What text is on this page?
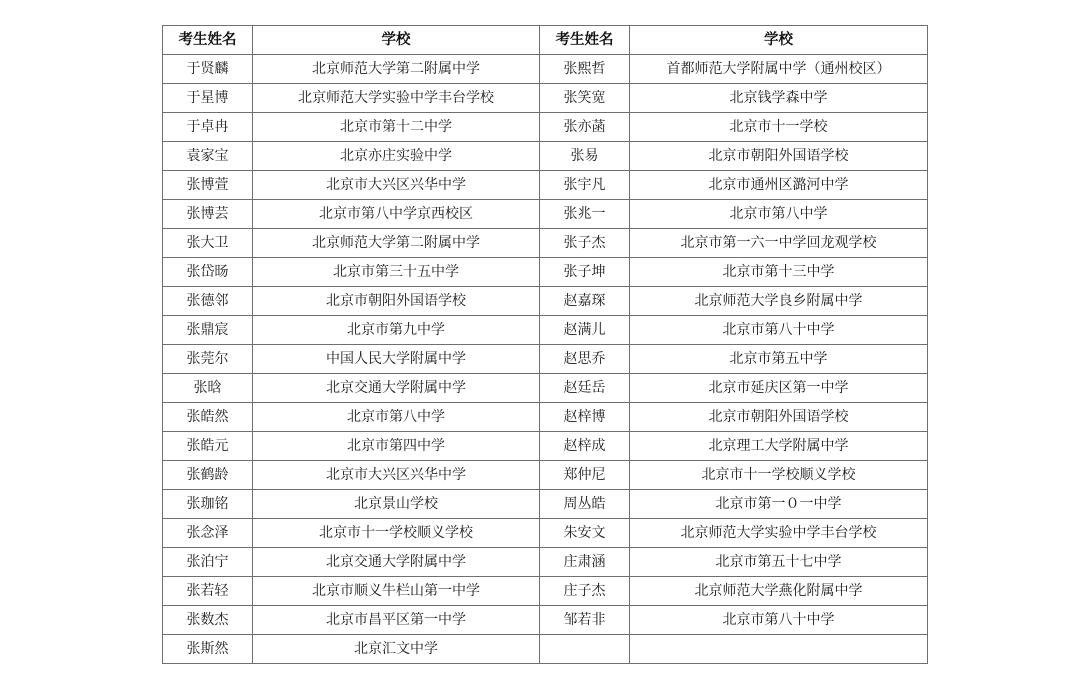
考生姓名	学校	考生姓名	学校
于贤麟	北京师范大学第二附属中学	张熙哲	首都师范大学附属中学（通州校区）
于星博	北京师范大学实验中学丰台学校	张笑宽	北京钱学森中学
于卓冉	北京市第十二中学	张亦菡	北京市十一学校
袁家宝	北京亦庄实验中学	张易	北京市朝阳外国语学校
张博萱	北京市大兴区兴华中学	张宇凡	北京市通州区潞河中学
张博芸	北京市第八中学京西校区	张兆一	北京市第八中学
张大卫	北京师范大学第二附属中学	张子杰	北京市第一六一中学回龙观学校
张岱旸	北京市第三十五中学	张子坤	北京市第十三中学
张德邻	北京市朝阳外国语学校	赵嘉琛	北京师范大学良乡附属中学
张鼎宸	北京市第九中学	赵满儿	北京市第八十中学
张莞尔	中国人民大学附属中学	赵思乔	北京市第五中学
张晗	北京交通大学附属中学	赵廷岳	北京市延庆区第一中学
张皓然	北京市第八中学	赵梓博	北京市朝阳外国语学校
张皓元	北京市第四中学	赵梓成	北京理工大学附属中学
张鹤龄	北京市大兴区兴华中学	郑仲尼	北京市十一学校顺义学校
张珈铭	北京景山学校	周丛皓	北京市第一０一中学
张念泽	北京市十一学校顺义学校	朱安文	北京师范大学实验中学丰台学校
张泊宁	北京交通大学附属中学	庄肃涵	北京市第五十七中学
张若轻	北京市顺义牛栏山第一中学	庄子杰	北京师范大学燕化附属中学
张数杰	北京市昌平区第一中学	邹若非	北京市第八十中学
张斯然	北京汇文中学		
